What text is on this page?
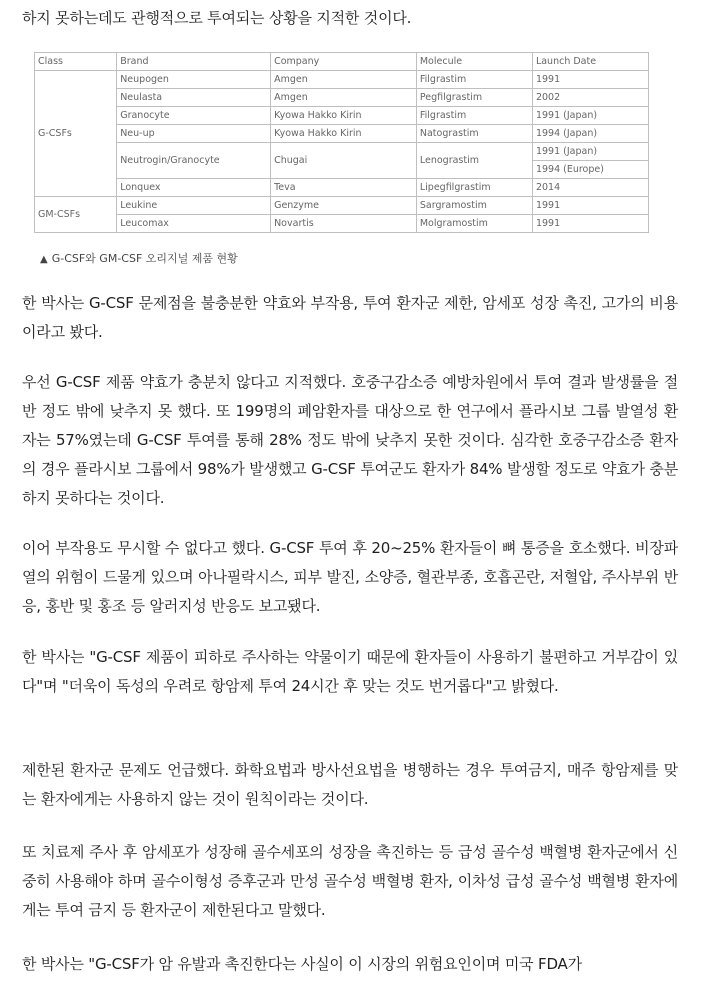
하지 못하는데도 관행적으로 투여되는 상황을 지적한 것이다.
Class	Brand	Company	Molecule	Launch Date
G-CSFs	Neupogen	Amgen	Filgrastim	1991
	Neulasta	Amgen	Pegfilgrastim	2002
	Granocyte	Kyowa Hakko Kirin	Filgrastim	1991 (Japan)
	Neu-up	Kyowa Hakko Kirin	Natograstim	1994 (Japan)
	Neutrogin/Granocyte	Chugai	Lenograstim	1991 (Japan)
				1994 (Europe)
	Lonquex	Teva	Lipegfilgrastim	2014
GM-CSFs	Leukine	Genzyme	Sargramostim	1991
	Leucomax	Novartis	Molgramostim	1991
▲ G-CSF와 GM-CSF 오리지널 제품 현황
한 박사는 G-CSF 문제점을 불충분한 약효와 부작용, 투여 환자군 제한, 암세포 성장 촉진, 고가의 비용이라고 봤다.
우선 G-CSF 제품 약효가 충분치 않다고 지적했다. 호중구감소증 예방차원에서 투여 결과 발생률을 절반 정도 밖에 낮추지 못 했다. 또 199명의 폐암환자를 대상으로 한 연구에서 플라시보 그룹 발열성 환자는 57%였는데 G-CSF 투여를 통해 28% 정도 밖에 낮추지 못한 것이다. 심각한 호중구감소증 환자의 경우 플라시보 그룹에서 98%가 발생했고 G-CSF 투여군도 환자가 84% 발생할 정도로 약효가 충분하지 못하다는 것이다.
이어 부작용도 무시할 수 없다고 했다. G-CSF 투여 후 20~25% 환자들이 뼈 통증을 호소했다. 비장파열의 위험이 드물게 있으며 아나필락시스, 피부 발진, 소양증, 혈관부종, 호흡곤란, 저혈압, 주사부위 반응, 홍반 및 홍조 등 알러지성 반응도 보고됐다.
한 박사는 "G-CSF 제품이 피하로 주사하는 약물이기 때문에 환자들이 사용하기 불편하고 거부감이 있다"며 "더욱이 독성의 우려로 항암제 투여 24시간 후 맞는 것도 번거롭다"고 밝혔다.
제한된 환자군 문제도 언급했다. 화학요법과 방사선요법을 병행하는 경우 투여금지, 매주 항암제를 맞는 환자에게는 사용하지 않는 것이 원칙이라는 것이다.
또 치료제 주사 후 암세포가 성장해 골수세포의 성장을 촉진하는 등 급성 골수성 백혈병 환자군에서 신중히 사용해야 하며 골수이형성 증후군과 만성 골수성 백혈병 환자, 이차성 급성 골수성 백혈병 환자에게는 투여 금지 등 환자군이 제한된다고 말했다.
한 박사는 "G-CSF가 암 유발과 촉진한다는 사실이 이 시장의 위험요인이며 미국 FDA가
